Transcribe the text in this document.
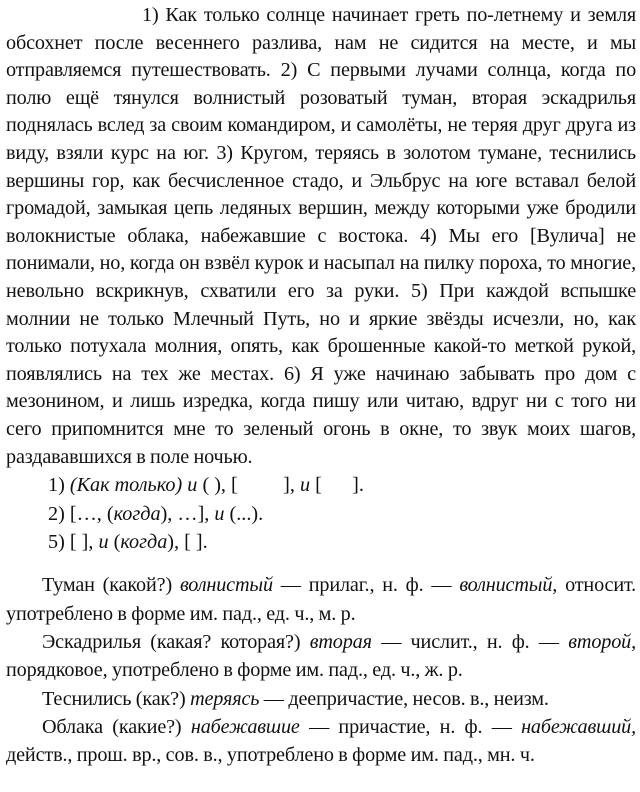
1) Как только солнце начинает греть по-летнему и земля обсохнет после весеннего разлива, нам не сидится на месте, и мы отправляемся путешествовать. 2) С первыми лучами солнца, когда по полю ещё тянулся волнистый розоватый туман, вторая эскадрилья поднялась вслед за своим командиром, и самолёты, не теряя друг друга из виду, взяли курс на юг. 3) Кругом, теряясь в золотом тумане, теснились вершины гор, как бесчисленное стадо, и Эльбрус на юге вставал белой громадой, замыкая цепь ледяных вершин, между которыми уже бродили волокнистые облака, набежавшие с востока. 4) Мы его [Вулича] не понимали, но, когда он взвёл курок и насыпал на пилку пороха, то многие, невольно вскрикнув, схватили его за руки. 5) При каждой вспышке молнии не только Млечный Путь, но и яркие звёзды исчезли, но, как только потухала молния, опять, как брошенные какой-то меткой рукой, появлялись на тех же местах. 6) Я уже начинаю забывать про дом с мезонином, и лишь изредка, когда пишу или читаю, вдруг ни с того ни сего припомнится мне то зеленый огонь в окне, то звук моих шагов, раздававшихся в поле ночью.

1) (Как только) и ( ), [         ], и [      ].
2) […, (когда), …], и (...).
5) [ ], и (когда), [ ].

Туман (какой?) волнистый — прилаг., н. ф. — волнистый, относит. употреблено в форме им. пад., ед. ч., м. р.

Эскадрилья (какая? которая?) вторая — числит., н. ф. — второй, порядковое, употреблено в форме им. пад., ед. ч., ж. р.

Теснились (как?) теряясь — деепричастие, несов. в., неизм.

Облака (какие?) набежавшие — причастие, н. ф. — набежавший, действ., прош. вр., сов. в., употреблено в форме им. пад., мн. ч.
